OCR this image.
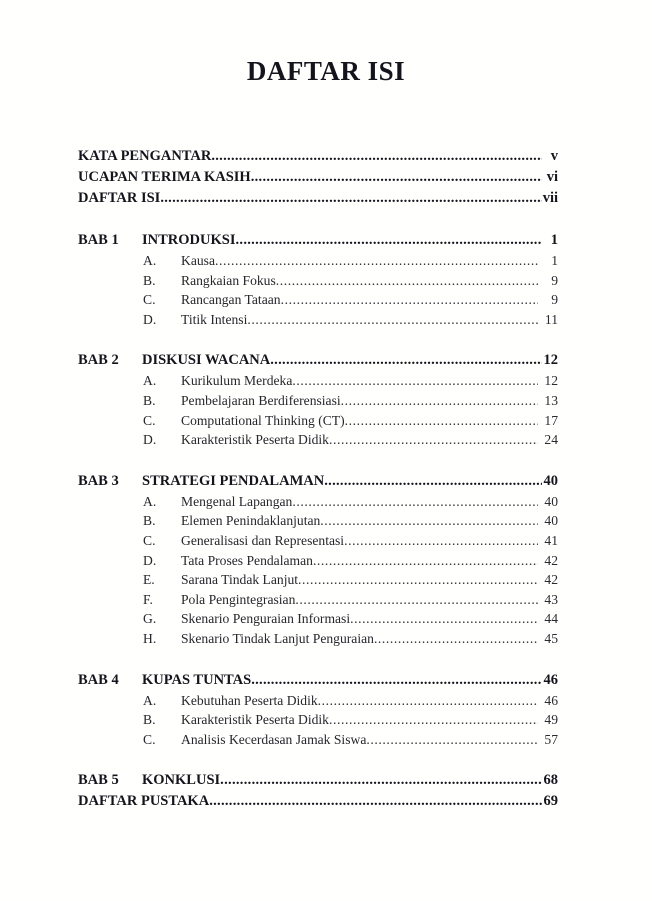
DAFTAR ISI
KATA PENGANTAR .....	v
UCAPAN TERIMA KASIH .....	vi
DAFTAR ISI .....	vii
BAB 1	INTRODUKSI .....	1
A.	Kausa .....	1
B.	Rangkaian Fokus .....	9
C.	Rancangan Tataan .....	9
D.	Titik Intensi .....	11
BAB 2	DISKUSI WACANA .....	12
A.	Kurikulum Merdeka .....	12
B.	Pembelajaran Berdiferensiasi .....	13
C.	Computational Thinking (CT) .....	17
D.	Karakteristik Peserta Didik .....	24
BAB 3	STRATEGI PENDALAMAN .....	40
A.	Mengenal Lapangan .....	40
B.	Elemen Penindaklanjutan .....	40
C.	Generalisasi dan Representasi .....	41
D.	Tata Proses Pendalaman .....	42
E.	Sarana Tindak Lanjut .....	42
F.	Pola Pengintegrasian .....	43
G.	Skenario Penguraian Informasi .....	44
H.	Skenario Tindak Lanjut Penguraian .....	45
BAB 4	KUPAS TUNTAS .....	46
A.	Kebutuhan Peserta Didik .....	46
B.	Karakteristik Peserta Didik .....	49
C.	Analisis Kecerdasan Jamak Siswa .....	57
BAB 5	KONKLUSI .....	68
DAFTAR PUSTAKA .....	69
